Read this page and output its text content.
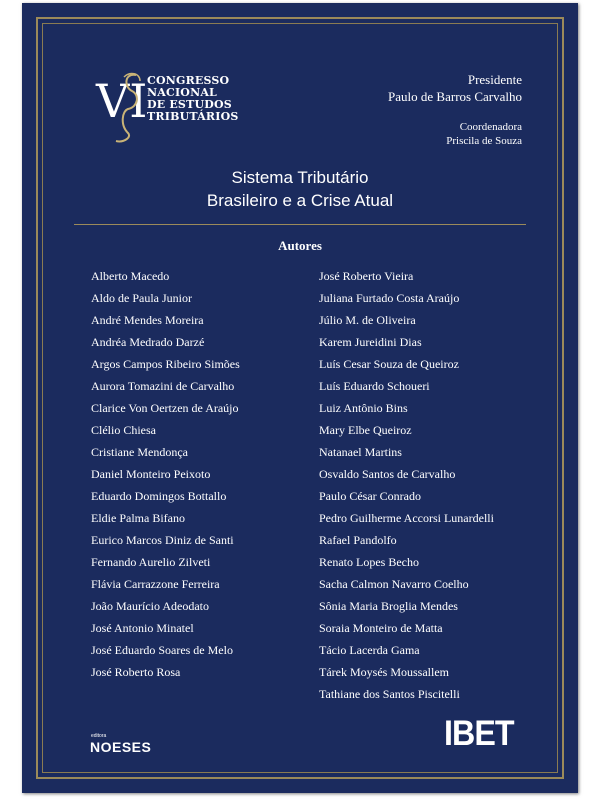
VI CONGRESSO
NACIONAL
DE ESTUDOS
TRIBUTÁRIOS
Presidente
Paulo de Barros Carvalho
Coordenadora
Priscila de Souza
Sistema Tributário
Brasileiro e a Crise Atual
Autores
Alberto Macedo
Aldo de Paula Junior
André Mendes Moreira
Andréa Medrado Darzé
Argos Campos Ribeiro Simões
Aurora Tomazini de Carvalho
Clarice Von Oertzen de Araújo
Clélio Chiesa
Cristiane Mendonça
Daniel Monteiro Peixoto
Eduardo Domingos Bottallo
Eldie Palma Bifano
Eurico Marcos Diniz de Santi
Fernando Aurelio Zilveti
Flávia Carrazzone Ferreira
João Maurício Adeodato
José Antonio Minatel
José Eduardo Soares de Melo
José Roberto Rosa
José Roberto Vieira
Juliana Furtado Costa Araújo
Júlio M. de Oliveira
Karem Jureidini Dias
Luís Cesar Souza de Queiroz
Luís Eduardo Schoueri
Luiz Antônio Bins
Mary Elbe Queiroz
Natanael Martins
Osvaldo Santos de Carvalho
Paulo César Conrado
Pedro Guilherme Accorsi Lunardelli
Rafael Pandolfo
Renato Lopes Becho
Sacha Calmon Navarro Coelho
Sônia Maria Broglia Mendes
Soraia Monteiro de Matta
Tácio Lacerda Gama
Tárek Moysés Moussallem
Tathiane dos Santos Piscitelli
editora
NOESES	IBET
